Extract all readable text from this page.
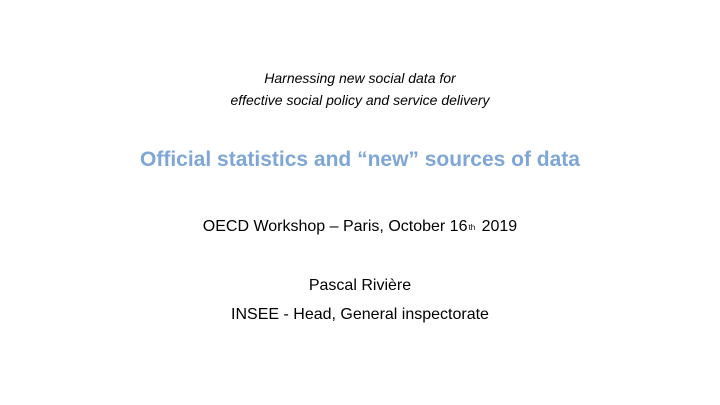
Harnessing new social data for
effective social policy and service delivery
Official statistics and “new” sources of data
OECD Workshop – Paris, October 16th 2019
Pascal Rivière
INSEE - Head, General inspectorate
